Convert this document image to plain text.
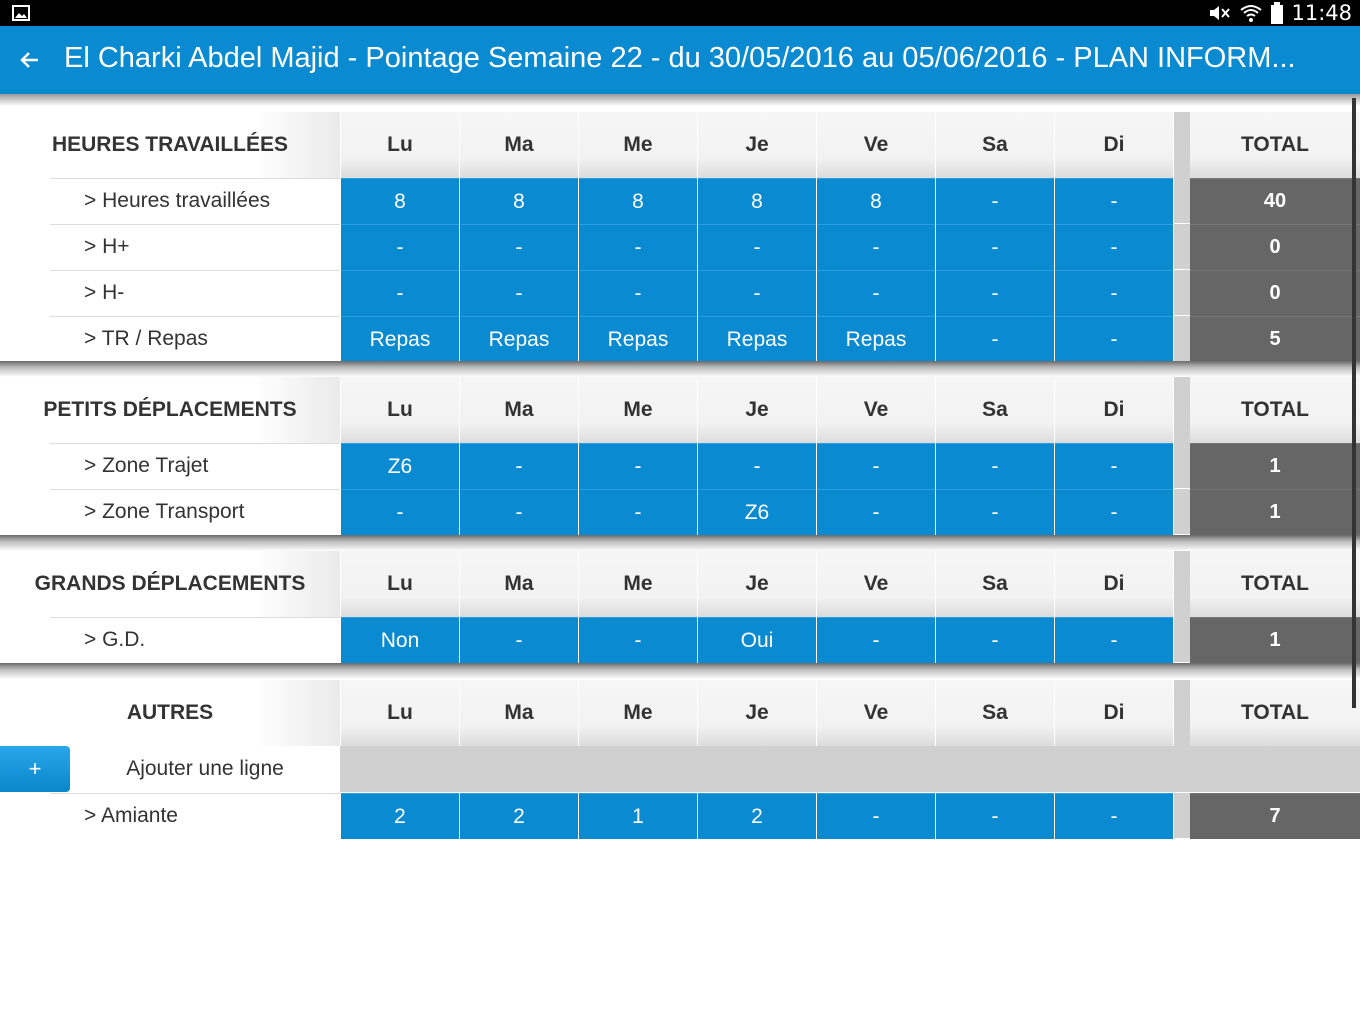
11:48
El Charki Abdel Majid - Pointage Semaine 22 - du 30/05/2016 au 05/06/2016 - PLAN INFORM...
HEURES TRAVAILLÉES	Lu	Ma	Me	Je	Ve	Sa	Di	TOTAL
> Heures travaillées	8	8	8	8	8	-	-	40
> H+	-	-	-	-	-	-	-	0
> H-	-	-	-	-	-	-	-	0
> TR / Repas	Repas	Repas	Repas	Repas	Repas	-	-	5
PETITS DÉPLACEMENTS	Lu	Ma	Me	Je	Ve	Sa	Di	TOTAL
> Zone Trajet	Z6	-	-	-	-	-	-	1
> Zone Transport	-	-	-	Z6	-	-	-	1
GRANDS DÉPLACEMENTS	Lu	Ma	Me	Je	Ve	Sa	Di	TOTAL
> G.D.	Non	-	-	Oui	-	-	-	1
AUTRES	Lu	Ma	Me	Je	Ve	Sa	Di	TOTAL
+	Ajouter une ligne
> Amiante	2	2	1	2	-	-	-	7
